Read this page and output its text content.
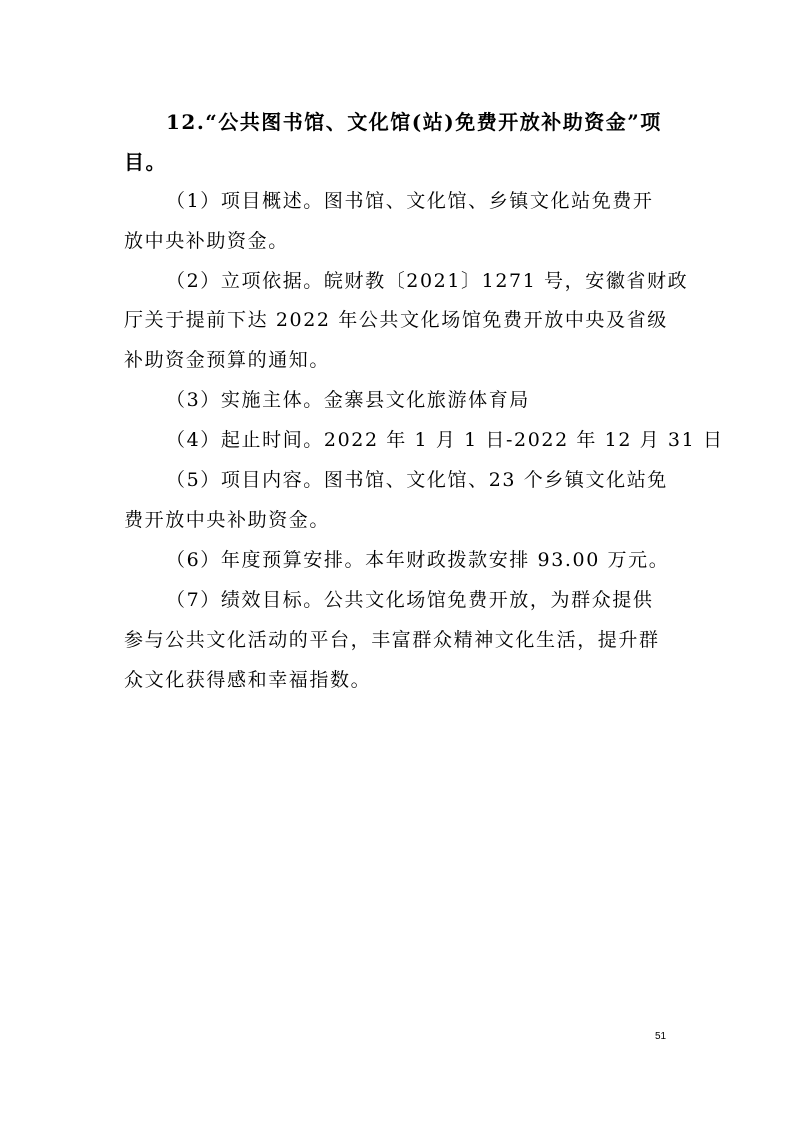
12.“公共图书馆、文化馆(站)免费开放补助资金”项
目。
（1）项目概述。图书馆、文化馆、乡镇文化站免费开
放中央补助资金。
（2）立项依据。皖财教〔2021〕1271 号，安徽省财政
厅关于提前下达 2022 年公共文化场馆免费开放中央及省级
补助资金预算的通知。
（3）实施主体。金寨县文化旅游体育局
（4）起止时间。2022 年 1 月 1 日-2022 年 12 月 31 日
（5）项目内容。图书馆、文化馆、23 个乡镇文化站免
费开放中央补助资金。
（6）年度预算安排。本年财政拨款安排 93.00 万元。
（7）绩效目标。公共文化场馆免费开放，为群众提供
参与公共文化活动的平台，丰富群众精神文化生活，提升群
众文化获得感和幸福指数。
51
